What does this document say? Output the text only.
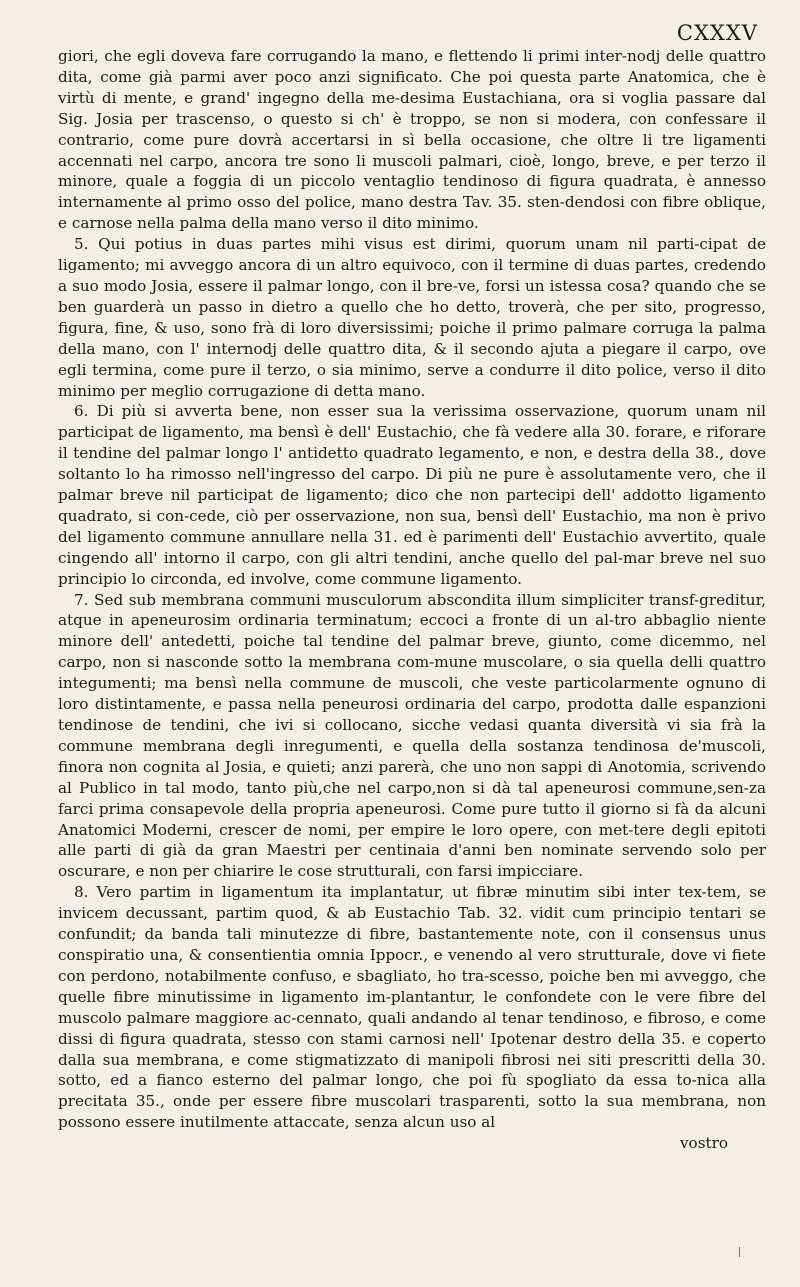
CXXXV

giori, che egli doveva fare corrugando la mano, e flettendo li primi inter-nodj delle quattro dita, come già parmi aver poco anzi significato. Che poi questa parte Anatomica, che è virtù di mente, e grand' ingegno della me-desima Eustachiana, ora si voglia passare dal Sig. Josia per trascenso, o questo si ch' è troppo, se non si modera, con confessare il contrario, come pure dovrà accertarsi in sì bella occasione, che oltre li tre ligamenti accennati nel carpo, ancora tre sono li muscoli palmari, cioè, longo, breve, e per terzo il minore, quale a foggia di un piccolo ventaglio tendinoso di figura quadrata, è annesso internamente al primo osso del police, mano destra Tav. 35. sten-dendosi con fibre oblique, e carnose nella palma della mano verso il dito minimo.

5. Qui potius in duas partes mihi visus est dirimi, quorum unam nil parti-cipat de ligamento; mi avveggo ancora di un altro equivoco, con il termine di duas partes, credendo a suo modo Josia, essere il palmar longo, con il bre-ve, forsi un istessa cosa? quando che se ben guarderà un passo in dietro a quello che ho detto, troverà, che per sito, progresso, figura, fine, & uso, sono frà di loro diversissimi; poiche il primo palmare corruga la palma della mano, con l' internodj delle quattro dita, & il secondo ajuta a piegare il carpo, ove egli termina, come pure il terzo, o sia minimo, serve a condurre il dito police, verso il dito minimo per meglio corrugazione di detta mano.

6. Di più si avverta bene, non esser sua la verissima osservazione, quorum unam nil participat de ligamento, ma bensì è dell' Eustachio, che fà vedere alla 30. forare, e riforare il tendine del palmar longo l' antidetto quadrato legamento, e non, e destra della 38., dove soltanto lo ha rimosso nell'ingresso del carpo. Di più ne pure è assolutamente vero, che il palmar breve nil participat de ligamento; dico che non partecipi dell' addotto ligamento quadrato, si con-cede, ciò per osservazione, non sua, bensì dell' Eustachio, ma non è privo del ligamento commune annullare nella 31. ed è parimenti dell' Eustachio avvertito, quale cingendo all' intorno il carpo, con gli altri tendini, anche quello del pal-mar breve nel suo principio lo circonda, ed involve, come commune ligamento.

7. Sed sub membrana communi musculorum abscondita illum simpliciter transf-greditur, atque in apeneurosim ordinaria terminatum; eccoci a fronte di un al-tro abbaglio niente minore dell' antedetti, poiche tal tendine del palmar breve, giunto, come dicemmo, nel carpo, non si nasconde sotto la membrana com-mune muscolare, o sia quella delli quattro integumenti; ma bensì nella commune de muscoli, che veste particolarmente ognuno di loro distintamente, e passa nella peneurosi ordinaria del carpo, prodotta dalle espanzioni tendinose de tendini, che ivi si collocano, sicche vedasi quanta diversità vi sia frà la commune membrana degli inregumenti, e quella della sostanza tendinosa de'muscoli, finora non cognita al Josia, e quieti; anzi parerà, che uno non sappi di Anotomia, scrivendo al Publico in tal modo, tanto più,che nel carpo,non si dà tal apeneurosi commune,sen-za farci prima consapevole della propria apeneurosi. Come pure tutto il giorno si fà da alcuni Anatomici Moderni, crescer de nomi, per empire le loro opere, con met-tere degli epitoti alle parti di già da gran Maestri per centinaia d'anni ben nominate servendo solo per oscurare, e non per chiarire le cose strutturali, con farsi impicciare.

8. Vero partim in ligamentum ita implantatur, ut fibræ minutim sibi inter tex-tem, se invicem decussant, partim quod, & ab Eustachio Tab. 32. vidit cum principio tentari se confundit; da banda tali minutezze di fibre, bastantemente note, con il consensus unus conspiratio una, & consentientia omnia Ippocr., e venendo al vero strutturale, dove vi fiete con perdono, notabilmente confuso, e sbagliato, ho tra-scesso, poiche ben mi avveggo, che quelle fibre minutissime in ligamento im-plantantur, le confondete con le vere fibre del muscolo palmare maggiore ac-cennato, quali andando al tenar tendinoso, e fibroso, e come dissi di figura quadrata, stesso con stami carnosi nell' Ipotenar destro della 35. e coperto dalla sua membrana, e come stigmatizzato di manipoli fibrosi nei siti prescritti della 30. sotto, ed a fianco esterno del palmar longo, che poi fù spogliato da essa to-nica alla precitata 35., onde per essere fibre muscolari trasparenti, sotto la sua membrana, non possono essere inutilmente attaccate, senza alcun uso al

vostro
